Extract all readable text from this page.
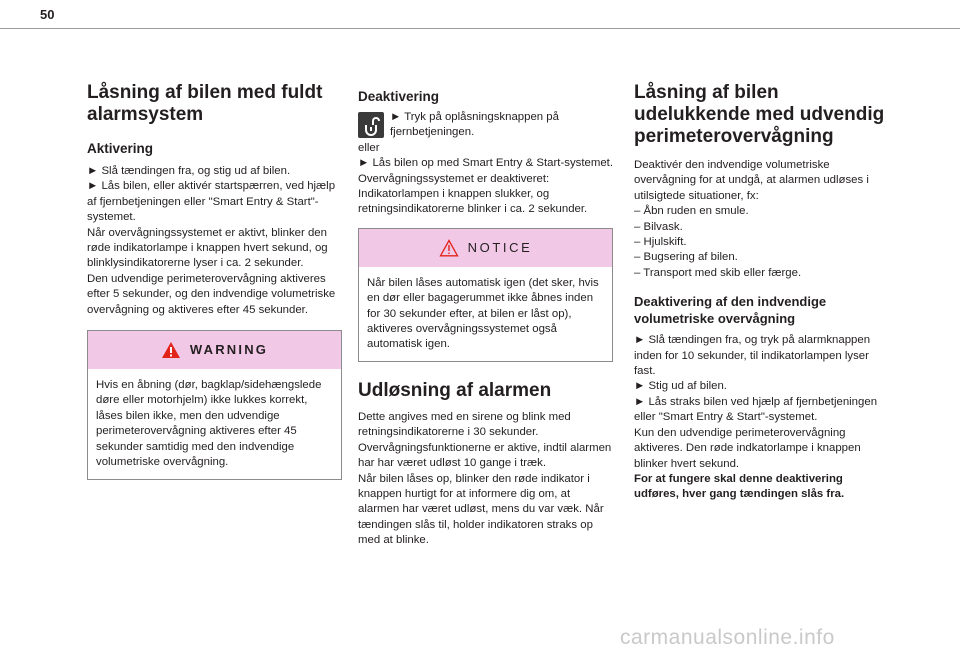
50
Låsning af bilen med fuldt alarmsystem
Aktivering

► Slå tændingen fra, og stig ud af bilen.

► Lås bilen, eller aktivér startspærren, ved hjælp af fjernbetjeningen eller "Smart Entry & Start"-systemet.

Når overvågningssystemet er aktivt, blinker den røde indikatorlampe i knappen hvert sekund, og blinklysindikatorerne lyser i ca. 2 sekunder.

Den udvendige perimeterovervågning aktiveres efter 5 sekunder, og den indvendige volumetriske overvågning og aktiveres efter 45 sekunder.

WARNING
Hvis en åbning (dør, bagklap/sidehængslede døre eller motorhjelm) ikke lukkes korrekt, låses bilen ikke, men den udvendige perimeterovervågning aktiveres efter 45 sekunder samtidig med den indvendige volumetriske overvågning.
Deaktivering

► Tryk på oplåsningsknappen på fjernbetjeningen.

eller

► Lås bilen op med Smart Entry & Start-systemet.

Overvågningssystemet er deaktiveret: Indikatorlampen i knappen slukker, og retningsindikatorerne blinker i ca. 2 sekunder.

NOTICE
Når bilen låses automatisk igen (det sker, hvis en dør eller bagagerummet ikke åbnes inden for 30 sekunder efter, at bilen er låst op), aktiveres overvågningssystemet også automatisk igen.
Udløsning af alarmen

Dette angives med en sirene og blink med retningsindikatorerne i 30 sekunder.

Overvågningsfunktionerne er aktive, indtil alarmen har har været udløst 10 gange i træk.

Når bilen låses op, blinker den røde indikator i knappen hurtigt for at informere dig om, at alarmen har været udløst, mens du var væk. Når tændingen slås til, holder indikatoren straks op med at blinke.

Låsning af bilen udelukkende med udvendig perimeterovervågning

Deaktivér den indvendige volumetriske overvågning for at undgå, at alarmen udløses i utilsigtede situationer, fx:

– Åbn ruden en smule.

– Bilvask.

– Hjulskift.

– Bugsering af bilen.

– Transport med skib eller færge.

Deaktivering af den indvendige volumetriske overvågning

► Slå tændingen fra, og tryk på alarmknappen inden for 10 sekunder, til indikatorlampen lyser fast.

► Stig ud af bilen.

► Lås straks bilen ved hjælp af fjernbetjeningen eller "Smart Entry & Start"-systemet.

Kun den udvendige perimeterovervågning aktiveres. Den røde indkatorlampe i knappen blinker hvert sekund.

For at fungere skal denne deaktivering udføres, hver gang tændingen slås fra.

carmanualsonline.info
